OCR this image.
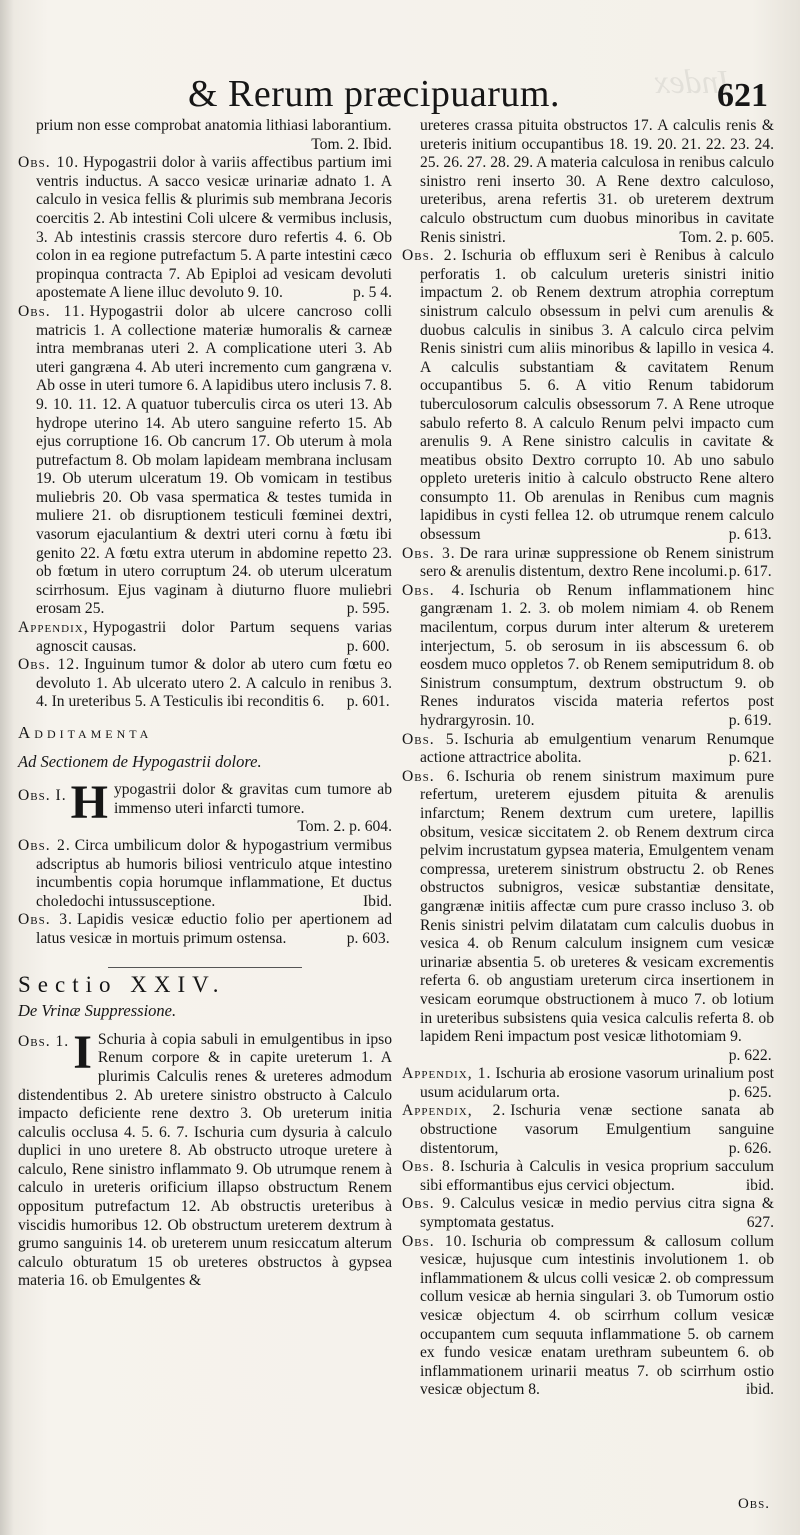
Index
& Rerum præcipuarum.	621

prium non esse comprobat anatomia lithiasi laborantium.
Tom. 2. Ibid.

Obs. 10. Hypogastrii dolor à variis affectibus partium imi ventris inductus. A sacco vesicæ urinariæ adnato 1. A calculo in vesica fellis & plurimis sub membrana Jecoris coercitis 2. Ab intestini Coli ulcere & vermibus inclusis, 3. Ab intestinis crassis stercore duro refertis 4. 6. Ob colon in ea regione putrefactum 5. A parte intestini cæco propinqua contracta 7. Ab Epiploi ad vesicam devoluti apostemate A liene illuc devoluto 9. 10.	p. 5 4.

Obs. 11. Hypogastrii dolor ab ulcere cancroso colli matricis 1. A collectione materiæ humoralis & carneæ intra membranas uteri 2. A complicatione uteri 3. Ab uteri gangræna 4. Ab uteri incremento cum gangræna v. Ab osse in uteri tumore 6. A lapidibus utero inclusis 7. 8. 9. 10. 11. 12. A quatuor tuberculis circa os uteri 13. Ab hydrope uterino 14. Ab utero sanguine referto 15. Ab ejus corruptione 16. Ob cancrum 17. Ob uterum à mola putrefactum 8. Ob molam lapideam membrana inclusam 19. Ob uterum ulceratum 19. Ob vomicam in testibus muliebris 20. Ob vasa spermatica & testes tumida in muliere 21. ob disruptionem testiculi fœminei dextri, vasorum ejaculantium & dextri uteri cornu à fœtu ibi genito 22. A fœtu extra uterum in abdomine repetto 23. ob fœtum in utero corruptum 24. ob uterum ulceratum scirrhosum. Ejus vaginam à diuturno fluore muliebri erosam 25.	p. 595.

Appendix, Hypogastrii dolor Partum sequens varias agnoscit causas.	p. 600.

Obs. 12. Inguinum tumor & dolor ab utero cum fœtu eo devoluto 1. Ab ulcerato utero 2. A calculo in renibus 3. 4. In ureteribus 5. A Testiculis ibi reconditis 6. p. 601.

Additamenta

Ad Sectionem de Hypogastrii dolore.

Obs. I. H ypogastrii dolor & gravitas cum tumore ab immenso uteri infarcti tumore.
Tom. 2. p. 604.

Obs. 2. Circa umbilicum dolor & hypogastrium vermibus adscriptus ab humoris biliosi ventriculo atque intestino incumbentis copia horumque inflammatione, Et ductus choledochi intussusceptione.	Ibid.

Obs. 3. Lapidis vesicæ eductio folio per apertionem ad latus vesicæ in mortuis primum ostensa.	p. 603.

Sectio XXIV.

De Vrinæ Suppressione.

Obs. 1. I Schuria à copia sabuli in emulgentibus in ipso Renum corpore & in capite ureterum 1. A plurimis Calculis renes & ureteres admodum distendentibus 2. Ab uretere sinistro obstructo à Calculo impacto deficiente rene dextro 3. Ob ureterum initia calculis occlusa 4. 5. 6. 7. Ischuria cum dysuria à calculo duplici in uno uretere 8. Ab obstructo utroque uretere à calculo, Rene sinistro inflammato 9. Ob utrumque renem à calculo in ureteris orificium illapso obstructum Renem oppositum putrefactum 12. Ab obstructis ureteribus à viscidis humoribus 12. Ob obstructum ureterem dextrum à grumo sanguinis 14. ob ureterem unum resiccatum alterum calculo obturatum 15 ob ureteres obstructos à gypsea materia 16. ob Emulgentes &

ureteres crassa pituita obstructos 17. A calculis renis & ureteris initium occupantibus 18. 19. 20. 21. 22. 23. 24. 25. 26. 27. 28. 29. A materia calculosa in renibus calculo sinistro reni inserto 30. A Rene dextro calculoso, ureteribus, arena refertis 31. ob ureterem dextrum calculo obstructum cum duobus minoribus in cavitate Renis sinistri.	Tom. 2. p. 605.

Obs. 2. Ischuria ob effluxum seri è Renibus à calculo perforatis 1. ob calculum ureteris sinistri initio impactum 2. ob Renem dextrum atrophia correptum sinistrum calculo obsessum in pelvi cum arenulis & duobus calculis in sinibus 3. A calculo circa pelvim Renis sinistri cum aliis minoribus & lapillo in vesica 4. A calculis substantiam & cavitatem Renum occupantibus 5. 6. A vitio Renum tabidorum tuberculosorum calculis obsessorum 7. A Rene utroque sabulo referto 8. A calculo Renum pelvi impacto cum arenulis 9. A Rene sinistro calculis in cavitate & meatibus obsito Dextro corrupto 10. Ab uno sabulo oppleto ureteris initio à calculo obstructo Rene altero consumpto 11. Ob arenulas in Renibus cum magnis lapidibus in cysti fellea 12. ob utrumque renem calculo obsessum	p. 613.

Obs. 3. De rara urinæ suppressione ob Renem sinistrum sero & arenulis distentum, dextro Rene incolumi. p. 617.

Obs. 4. Ischuria ob Renum inflammationem hinc gangrænam 1. 2. 3. ob molem nimiam 4. ob Renem macilentum, corpus durum inter alterum & ureterem interjectum, 5. ob serosum in iis abscessum 6. ob eosdem muco oppletos 7. ob Renem semiputridum 8. ob Sinistrum consumptum, dextrum obstructum 9. ob Renes induratos viscida materia refertos post hydrargyrosin. 10.	p. 619.

Obs. 5. Ischuria ab emulgentium venarum Renumque actione attractrice abolita.	p. 621.

Obs. 6. Ischuria ob renem sinistrum maximum pure refertum, ureterem ejusdem pituita & arenulis infarctum; Renem dextrum cum uretere, lapillis obsitum, vesicæ siccitatem 2. ob Renem dextrum circa pelvim incrustatum gypsea materia, Emulgentem venam compressa, ureterem sinistrum obstructu 2. ob Renes obstructos subnigros, vesicæ substantiæ densitate, gangrænæ initiis affectæ cum pure crasso incluso 3. ob Renis sinistri pelvim dilatatam cum calculis duobus in vesica 4. ob Renum calculum insignem cum vesicæ urinariæ absentia 5. ob ureteres & vesicam excrementis referta 6. ob angustiam ureterum circa insertionem in vesicam eorumque obstructionem à muco 7. ob lotium in ureteribus subsistens quia vesica calculis referta 8. ob lapidem Reni impactum post vesicæ lithotomiam 9.
p. 622.

Appendix, 1. Ischuria ab erosione vasorum urinalium post usum acidularum orta.	p. 625.

Appendix, 2. Ischuria venæ sectione sanata ab obstructione vasorum Emulgentium sanguine distentorum,	p. 626.

Obs. 8. Ischuria à Calculis in vesica proprium sacculum sibi efformantibus ejus cervici objectum.	ibid.

Obs. 9. Calculus vesicæ in medio pervius citra signa & symptomata gestatus.	627.

Obs. 10. Ischuria ob compressum & callosum collum vesicæ, hujusque cum intestinis involutionem 1. ob inflammationem & ulcus colli vesicæ 2. ob compressum collum vesicæ ab hernia singulari 3. ob Tumorum ostio vesicæ objectum 4. ob scirrhum collum vesicæ occupantem cum sequuta inflammatione 5. ob carnem ex fundo vesicæ enatam urethram subeuntem 6. ob inflammationem urinarii meatus 7. ob scirrhum ostio vesicæ objectum 8.	ibid.

Obs.
